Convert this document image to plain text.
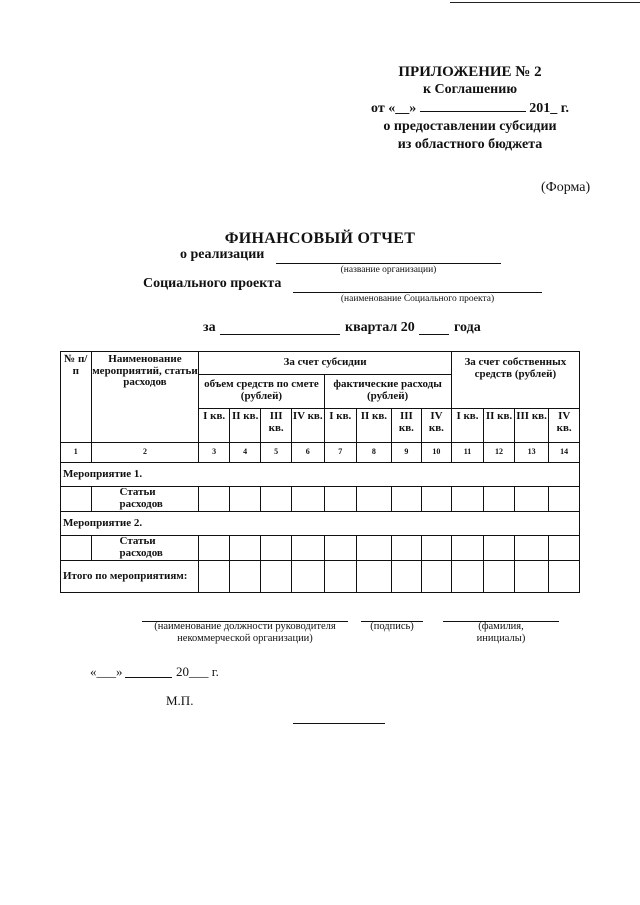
ПРИЛОЖЕНИЕ № 2
к Соглашению
от «__»	201_ г.
о предоставлении субсидии
из областного бюджета
(Форма)
ФИНАНСОВЫЙ ОТЧЕТ
о реализации
(название организации)
Социального проекта
(наименование Социального проекта)
за	квартал 20	года
№ п/п	Наименование мероприятий, статьи расходов	За счет субсидии								За счет собственных средств (рублей)			
		объем средств по смете (рублей)				фактические расходы (рублей)							
		I кв.	II кв.	III кв.	IV кв.	I кв.	II кв.	III кв.	IV кв.	I кв.	II кв.	III кв.	IV кв.
1	2	3	4	5	6	7	8	9	10	11	12	13	14
Мероприятие 1.													
	Статьи расходов												
Мероприятие 2.													
	Статьи расходов												
Итого по мероприятиям:													
(наименование должности руководителя некоммерческой организации)
(подпись)	(фамилия, инициалы)
«___»	20___ г.
М.П.
